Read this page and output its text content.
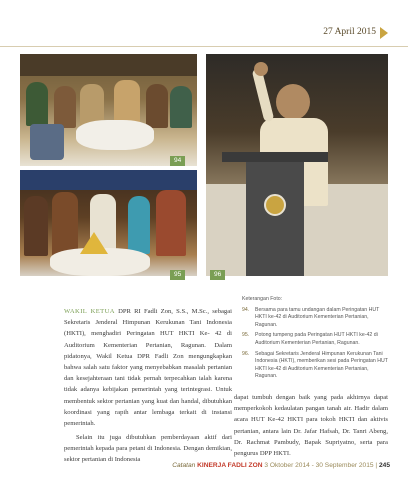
27 April 2015
94
95	96
Keterangan Foto:
94.	Bersama para tamu undangan dalam Peringatan HUT HKTI ke-42 di Auditorium Kementerian Pertanian, Ragunan.
95.	Potong tumpeng pada Peringatan HUT HKTI ke-42 di Auditorium Kementerian Pertanian, Ragunan.
96.	Sebagai Sekretaris Jenderal Himpunan Kerukunan Tani Indonesia (HKTI), memberikan sesi pada Peringatan HUT HKTI ke-42 di Auditorium Kementerian Pertanian, Ragunan.
WAKIL KETUA DPR RI Fadli Zon, S.S., M.Sc., sebagai Sekretaris Jenderal Himpunan Kerukunan Tani Indonesia (HKTI), menghadiri Peringatan HUT HKTI Ke- 42 di Auditorium Kementerian Pertanian, Ragunan. Dalam pidatonya, Wakil Ketua DPR Fadli Zon mengungkapkan bahwa salah satu faktor yang menyebabkan masalah pertanian dan kesejahteraan tani tidak pernah terpecahkan ialah karena tidak adanya kebijakan pemerintah yang terintegrasi. Untuk membentuk sektor pertanian yang kuat dan handal, dibutuhkan koordinasi yang rapih antar lembaga terkait di instansi pemerintah.
Selain itu juga dibutuhkan pemberdayaan aktif dari pemerintah kepada para petani di Indonesia. Dengan demikian, sektor pertanian di Indonesia
dapat tumbuh dengan baik yang pada akhirnya dapat memperkokoh kedaulatan pangan tanah air. Hadir dalam acara HUT Ke-42 HKTI para tokoh HKTI dan aktivis pertanian, antara lain Dr. Jafar Hafsah, Dr. Tanri Abeng, Dr. Rachmat Pambudy, Bapak Supriyatno, serta para pengurus DPP HKTI.
Catatan KINERJA FADLI ZON 3 Oktober 2014 - 30 September 2015 | 245
